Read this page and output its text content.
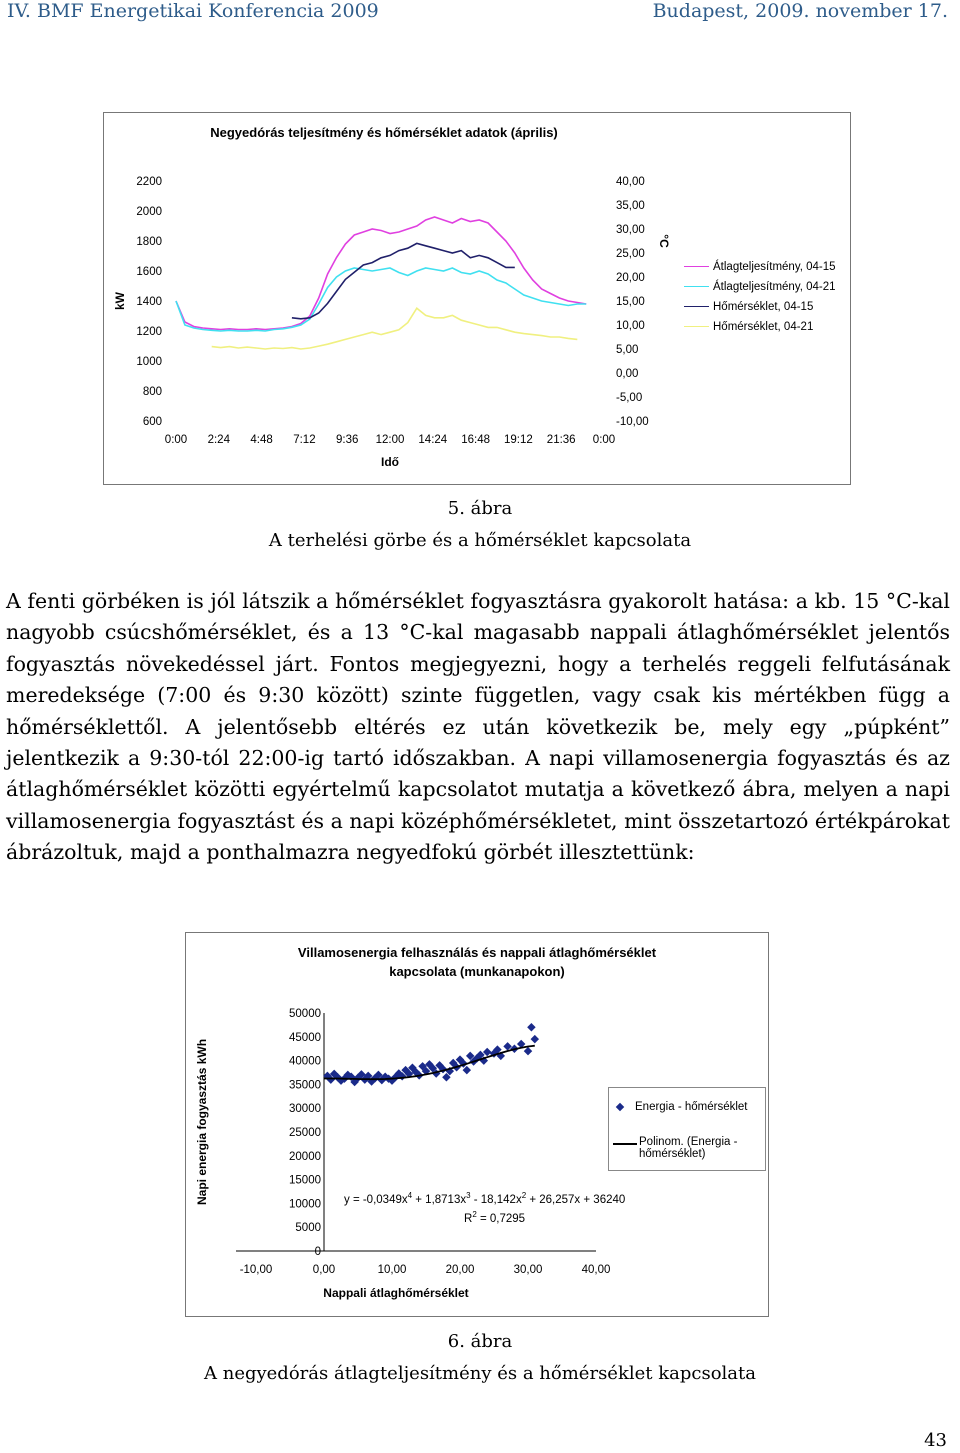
IV. BMF Energetikai Konferencia 2009	Budapest, 2009. november 17.
Negyedórás teljesítmény és hőmérséklet adatok (április)
2200
2000
1800
1600
1400
1200
1000
800
600
40,00
35,00
30,00
25,00
20,00
15,00
10,00
5,00
0,00
-5,00
-10,00
0:00 2:24 4:48 7:12 9:36 12:00 14:24 16:48 19:12 21:36 0:00
kW
°C
Idő
Átlagteljesítmény, 04-15
Átlagteljesítmény, 04-21
Hőmérséklet, 04-15
Hőmérséklet, 04-21
5. ábra
A terhelési görbe és a hőmérséklet kapcsolata

A fenti görbéken is jól látszik a hőmérséklet fogyasztásra gyakorolt hatása: a kb. 15 °C-kal nagyobb csúcshőmérséklet, és a 13 °C-kal magasabb nappali átlaghőmérséklet jelentős fogyasztás növekedéssel járt. Fontos megjegyezni, hogy a terhelés reggeli felfutásának meredeksége (7:00 és 9:30 között) szinte független, vagy csak kis mértékben függ a hőmérséklettől. A jelentősebb eltérés ez után következik be, mely egy „púpként” jelentkezik a 9:30-tól 22:00-ig tartó időszakban. A napi villamosenergia fogyasztás és az átlaghőmérséklet közötti egyértelmű kapcsolatot mutatja a következő ábra, melyen a napi villamosenergia fogyasztást és a napi középhőmérsékletet, mint összetartozó értékpárokat ábrázoltuk, majd a ponthalmazra negyedfokú görbét illesztettünk:

Villamosenergia felhasználás és nappali átlaghőmérséklet
kapcsolata (munkanapokon)
50000
45000
40000
35000
30000
25000
20000
15000
10000
5000
0
-10,00	0,00	10,00	20,00	30,00	40,00
Napi energia fogyasztás kWh
Nappali átlaghőmérséklet
Energia - hőmérséklet
Polinom. (Energia -
hőmérséklet)
$y = -0,0349x^4 + 1,8713x^3 - 18,142x^2 + 26,257x + 36240$
$R^2 = 0,7295$
6. ábra
A negyedórás átlagteljesítmény és a hőmérséklet kapcsolata
43
